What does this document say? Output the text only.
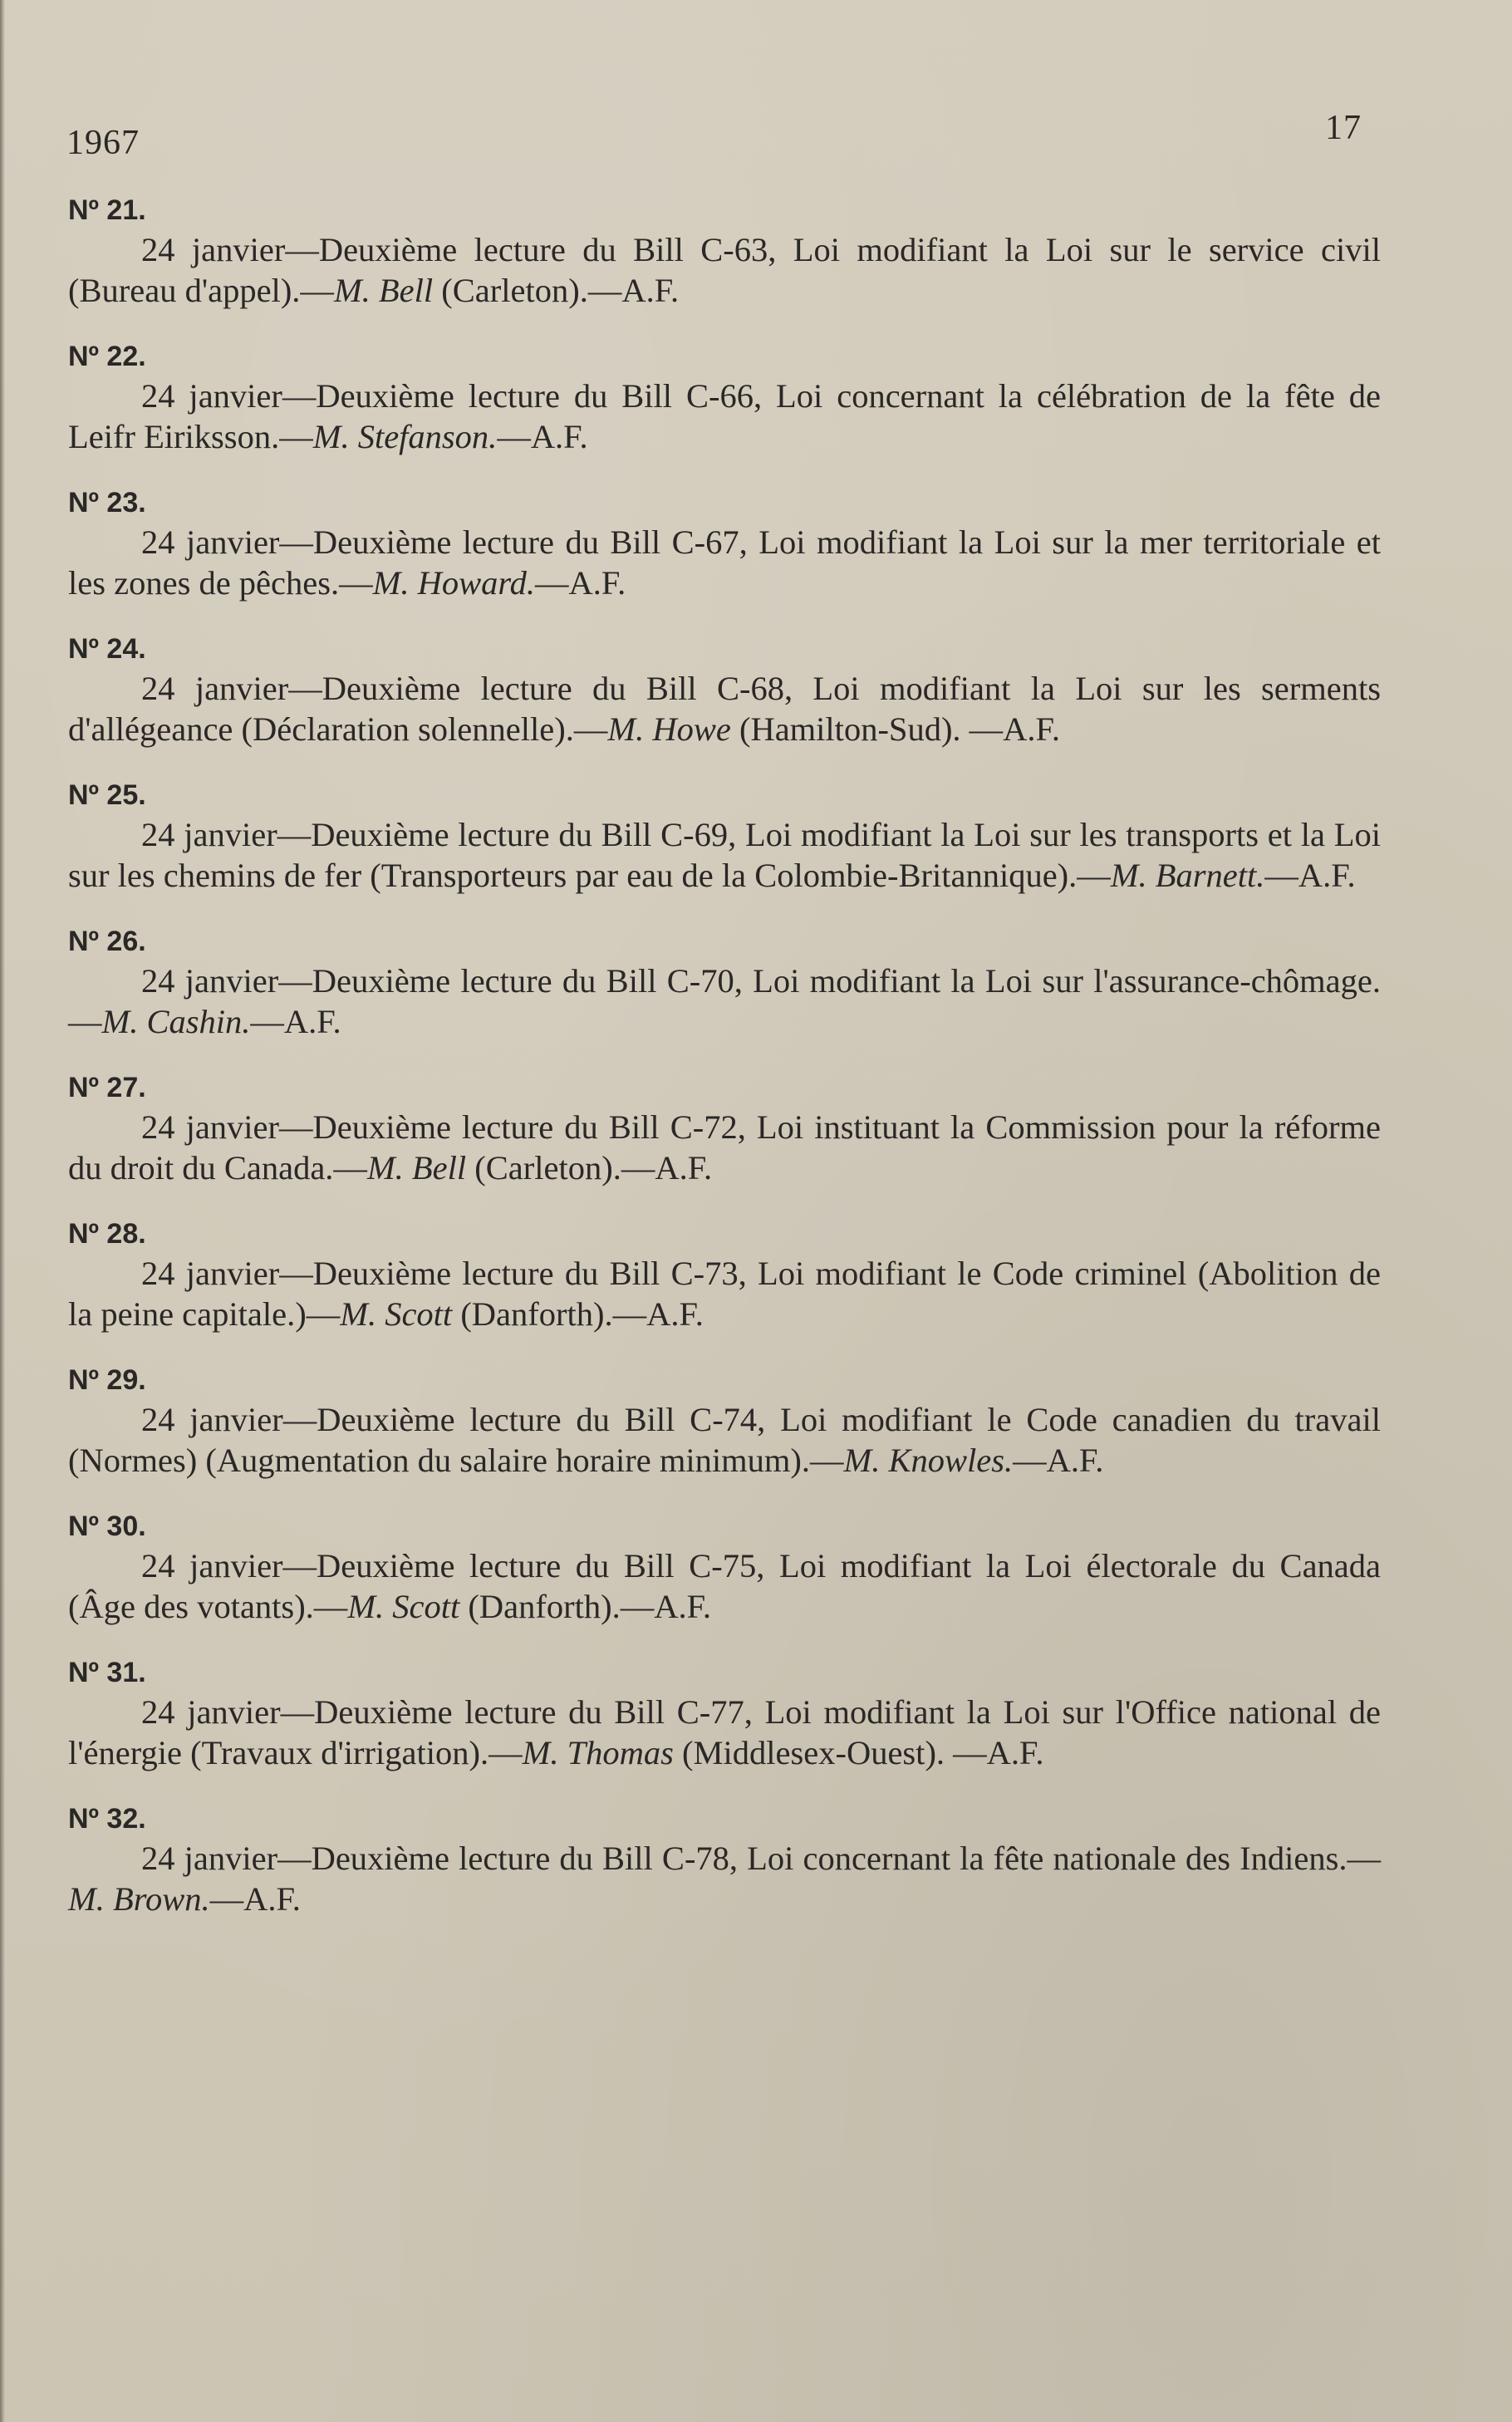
1967	17

Nº 21.

24 janvier—Deuxième lecture du Bill C-63, Loi modifiant la Loi sur le service civil (Bureau d'appel).—M. Bell (Carleton).—A.F.

Nº 22.

24 janvier—Deuxième lecture du Bill C-66, Loi concernant la célébration de la fête de Leifr Eiriksson.—M. Stefanson.—A.F.

Nº 23.

24 janvier—Deuxième lecture du Bill C-67, Loi modifiant la Loi sur la mer territoriale et les zones de pêches.—M. Howard.—A.F.

Nº 24.

24 janvier—Deuxième lecture du Bill C-68, Loi modifiant la Loi sur les serments d'allégeance (Déclaration solennelle).—M. Howe (Hamilton-Sud). —A.F.

Nº 25.

24 janvier—Deuxième lecture du Bill C-69, Loi modifiant la Loi sur les transports et la Loi sur les chemins de fer (Transporteurs par eau de la Colombie-Britannique).—M. Barnett.—A.F.

Nº 26.

24 janvier—Deuxième lecture du Bill C-70, Loi modifiant la Loi sur l'assurance-chômage.—M. Cashin.—A.F.

Nº 27.

24 janvier—Deuxième lecture du Bill C-72, Loi instituant la Commission pour la réforme du droit du Canada.—M. Bell (Carleton).—A.F.

Nº 28.

24 janvier—Deuxième lecture du Bill C-73, Loi modifiant le Code criminel (Abolition de la peine capitale.)—M. Scott (Danforth).—A.F.

Nº 29.

24 janvier—Deuxième lecture du Bill C-74, Loi modifiant le Code canadien du travail (Normes) (Augmentation du salaire horaire minimum).—M. Knowles.—A.F.

Nº 30.

24 janvier—Deuxième lecture du Bill C-75, Loi modifiant la Loi électorale du Canada (Âge des votants).—M. Scott (Danforth).—A.F.

Nº 31.

24 janvier—Deuxième lecture du Bill C-77, Loi modifiant la Loi sur l'Office national de l'énergie (Travaux d'irrigation).—M. Thomas (Middlesex-Ouest). —A.F.

Nº 32.

24 janvier—Deuxième lecture du Bill C-78, Loi concernant la fête nationale des Indiens.—M. Brown.—A.F.
